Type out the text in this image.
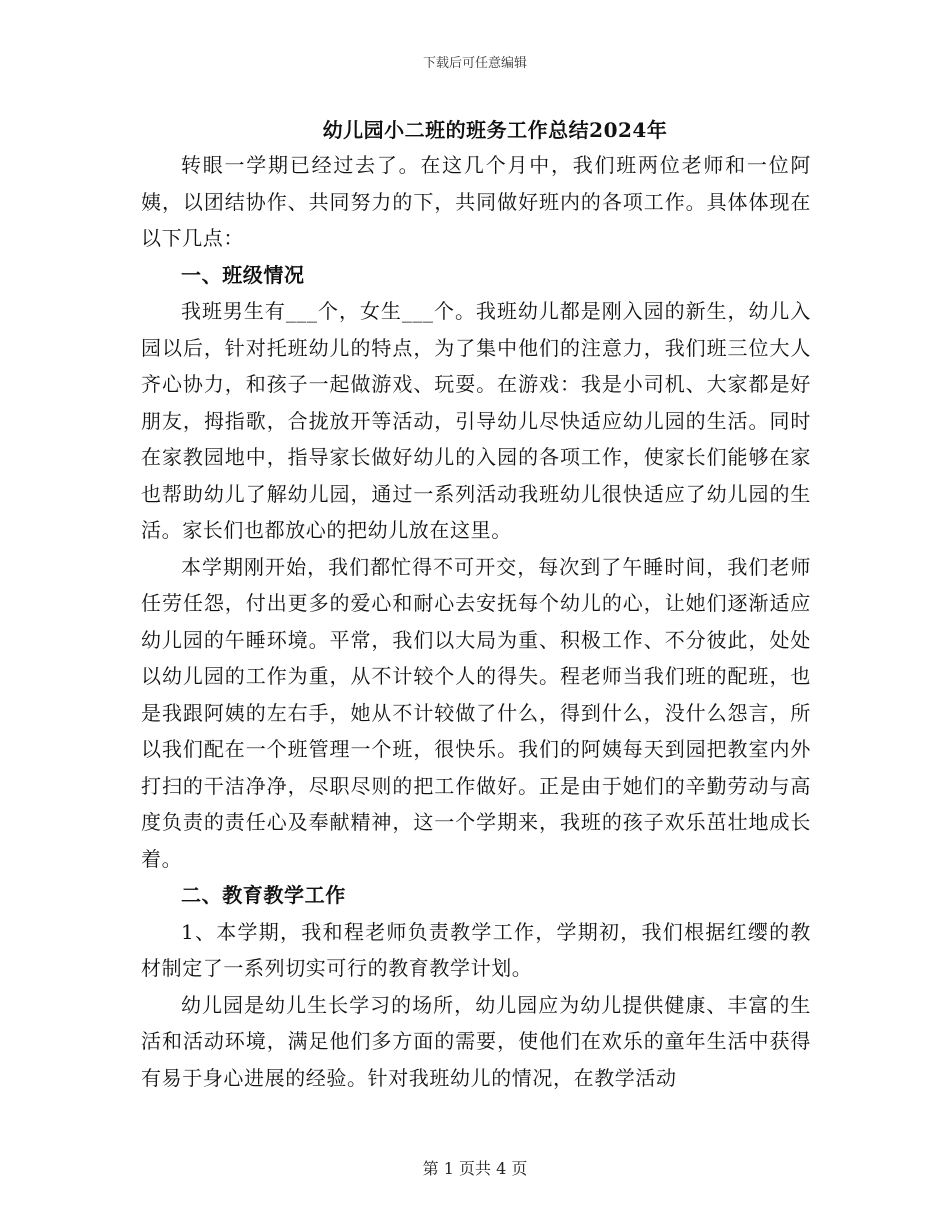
下载后可任意编辑
幼儿园小二班的班务工作总结2024年

转眼一学期已经过去了。在这几个月中，我们班两位老师和一位阿姨，以团结协作、共同努力的下，共同做好班内的各项工作。具体体现在以下几点：

一、班级情况

我班男生有___个，女生___个。我班幼儿都是刚入园的新生，幼儿入园以后，针对托班幼儿的特点，为了集中他们的注意力，我们班三位大人齐心协力，和孩子一起做游戏、玩耍。在游戏：我是小司机、大家都是好朋友，拇指歌，合拢放开等活动，引导幼儿尽快适应幼儿园的生活。同时在家教园地中，指导家长做好幼儿的入园的各项工作，使家长们能够在家也帮助幼儿了解幼儿园，通过一系列活动我班幼儿很快适应了幼儿园的生活。家长们也都放心的把幼儿放在这里。

本学期刚开始，我们都忙得不可开交，每次到了午睡时间，我们老师任劳任怨，付出更多的爱心和耐心去安抚每个幼儿的心，让她们逐渐适应幼儿园的午睡环境。平常，我们以大局为重、积极工作、不分彼此，处处以幼儿园的工作为重，从不计较个人的得失。程老师当我们班的配班，也是我跟阿姨的左右手，她从不计较做了什么，得到什么，没什么怨言，所以我们配在一个班管理一个班，很快乐。我们的阿姨每天到园把教室内外打扫的干洁净净，尽职尽则的把工作做好。正是由于她们的辛勤劳动与高度负责的责任心及奉献精神，这一个学期来，我班的孩子欢乐茁壮地成长着。

二、教育教学工作

1、本学期，我和程老师负责教学工作，学期初，我们根据红缨的教材制定了一系列切实可行的教育教学计划。

幼儿园是幼儿生长学习的场所，幼儿园应为幼儿提供健康、丰富的生活和活动环境，满足他们多方面的需要，使他们在欢乐的童年生活中获得有易于身心进展的经验。针对我班幼儿的情况，在教学活动

第 1 页共 4 页
